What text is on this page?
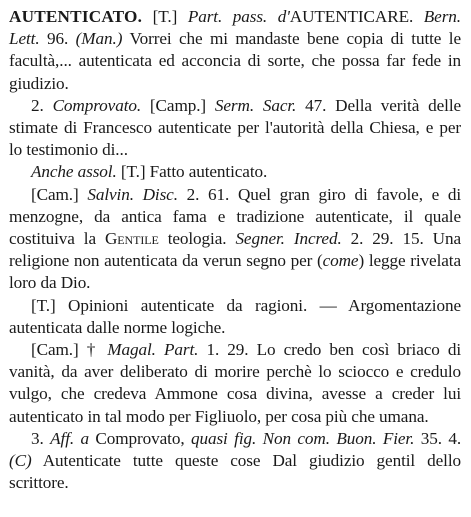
AUTENTICATO. [T.] Part. pass. d'AUTENTICARE. Bern. Lett. 96. (Man.) Vorrei che mi mandaste bene copia di tutte le facultà,... autenticata ed acconcia di sorte, che possa far fede in giudizio.

2. Comprovato. [Camp.] Serm. Sacr. 47. Della verità delle stimate di Francesco autenticate per l'autorità della Chiesa, e per lo testimonio di...

Anche assol. [T.] Fatto autenticato.

[Cam.] Salvin. Disc. 2. 61. Quel gran giro di favole, e di menzogne, da antica fama e tradizione autenticate, il quale costituiva la Gentile teologia. Segner. Incred. 2. 29. 15. Una religione non autenticata da verun segno per (come) legge rivelata loro da Dio.

[T.] Opinioni autenticate da ragioni. — Argomentazione autenticata dalle norme logiche.

[Cam.] † Magal. Part. 1. 29. Lo credo ben così briaco di vanità, da aver deliberato di morire perchè lo sciocco e credulo vulgo, che credeva Ammone cosa divina, avesse a creder lui autenticato in tal modo per Figliuolo, per cosa più che umana.

3. Aff. a Comprovato, quasi fig. Non com. Buon. Fier. 35. 4. (C) Autenticate tutte queste cose Dal giudizio gentil dello scrittore.
